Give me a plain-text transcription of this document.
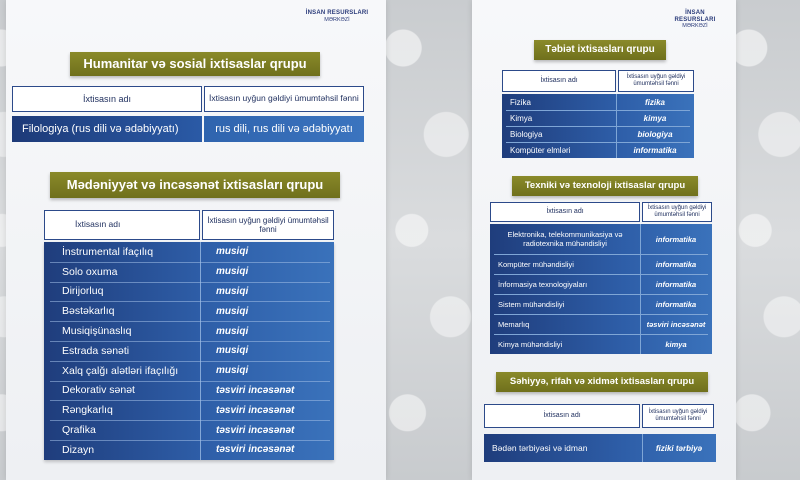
İNSAN RESURSLARI
MƏRKƏZİ
Humanitar və sosial ixtisaslar qrupu
İxtisasın adı	İxtisasın uyğun gəldiyi ümumtəhsil fənni
Filologiya (rus dili və ədəbiyyatı)	rus dili, rus dili və ədəbiyyatı
Mədəniyyət və incəsənət ixtisasları qrupu
İxtisasın adı	İxtisasın uyğun gəldiyi ümumtəhsil fənni
İnstrumental ifaçılıq	musiqi
Solo oxuma	musiqi
Dirijorluq	musiqi
Bəstəkarlıq	musiqi
Musiqişünaslıq	musiqi
Estrada sənəti	musiqi
Xalq çalğı alətləri ifaçılığı	musiqi
Dekorativ sənət	təsviri incəsənət
Rəngkarlıq	təsviri incəsənət
Qrafika	təsviri incəsənət
Dizayn	təsviri incəsənət
İNSAN RESURSLARI
MƏRKƏZİ
Təbiət ixtisasları qrupu
İxtisasın adı	İxtisasın uyğun gəldiyi ümumtəhsil fənni
Fizika	fizika
Kimya	kimya
Biologiya	biologiya
Kompüter elmləri	informatika
Texniki və texnoloji ixtisaslar qrupu
İxtisasın adı	İxtisasın uyğun gəldiyi ümumtəhsil fənni
Elektronika, telekommunikasiya və radiotexnika mühəndisliyi	informatika
Kompüter mühəndisliyi	informatika
İnformasiya texnologiyaları	informatika
Sistem mühəndisliyi	informatika
Memarlıq	təsviri incəsənət
Kimya mühəndisliyi	kimya
Səhiyyə, rifah və xidmət ixtisasları qrupu
İxtisasın adı	İxtisasın uyğun gəldiyi ümumtəhsil fənni
Bədən tərbiyəsi və idman	fiziki tərbiyə
